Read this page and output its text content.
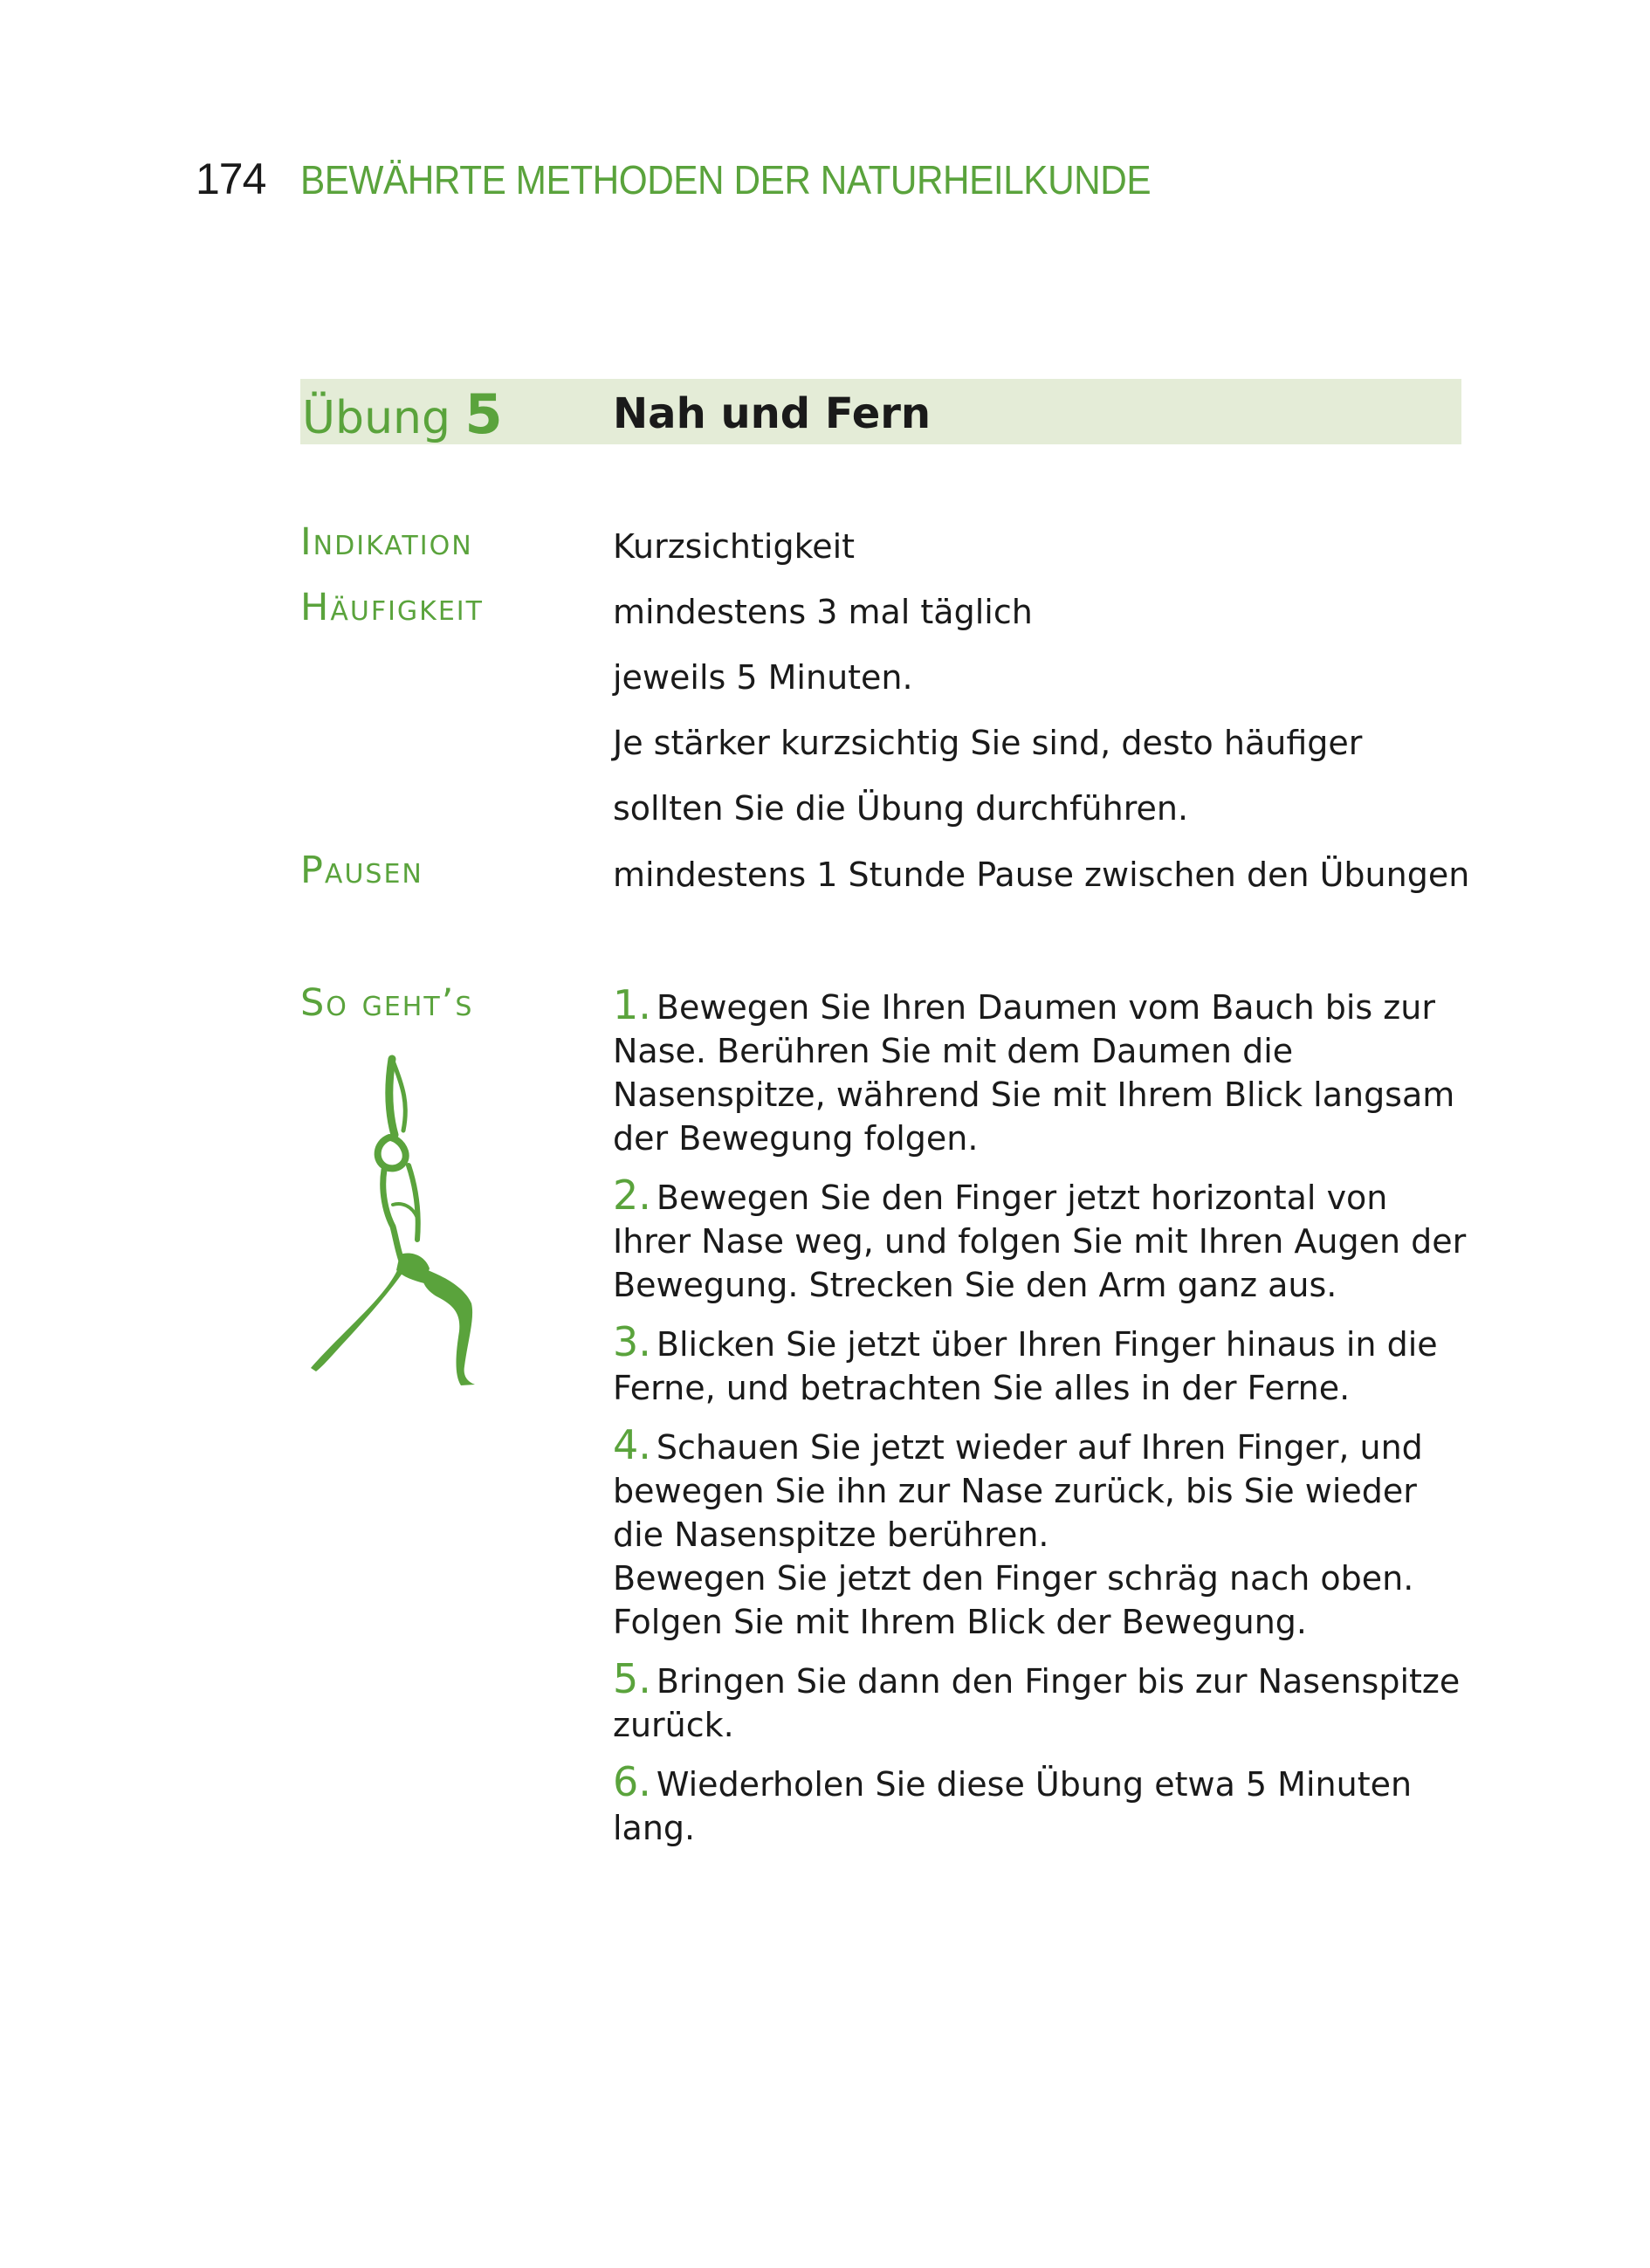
174 BEWÄHRTE METHODEN DER NATURHEILKUNDE
Übung 5	Nah und Fern
Indikation	Kurzsichtigkeit
Häufigkeit	mindestens 3 mal täglich
jeweils 5 Minuten.
Je stärker kurzsichtig Sie sind, desto häufiger
sollten Sie die Übung durchführen.
Pausen	mindestens 1 Stunde Pause zwischen den Übungen
So geht’s	1. Bewegen Sie Ihren Daumen vom Bauch bis zur Nase. Berühren Sie mit dem Daumen die Nasenspitze, während Sie mit Ihrem Blick langsam der Bewegung folgen.

2. Bewegen Sie den Finger jetzt horizontal von Ihrer Nase weg, und folgen Sie mit Ihren Augen der Bewegung. Strecken Sie den Arm ganz aus.

3. Blicken Sie jetzt über Ihren Finger hinaus in die Ferne, und betrachten Sie alles in der Ferne.

4. Schauen Sie jetzt wieder auf Ihren Finger, und bewegen Sie ihn zur Nase zurück, bis Sie wieder die Nasenspitze berühren.
Bewegen Sie jetzt den Finger schräg nach oben. Folgen Sie mit Ihrem Blick der Bewegung.

5. Bringen Sie dann den Finger bis zur Nasenspitze zurück.

6. Wiederholen Sie diese Übung etwa 5 Minuten lang.
